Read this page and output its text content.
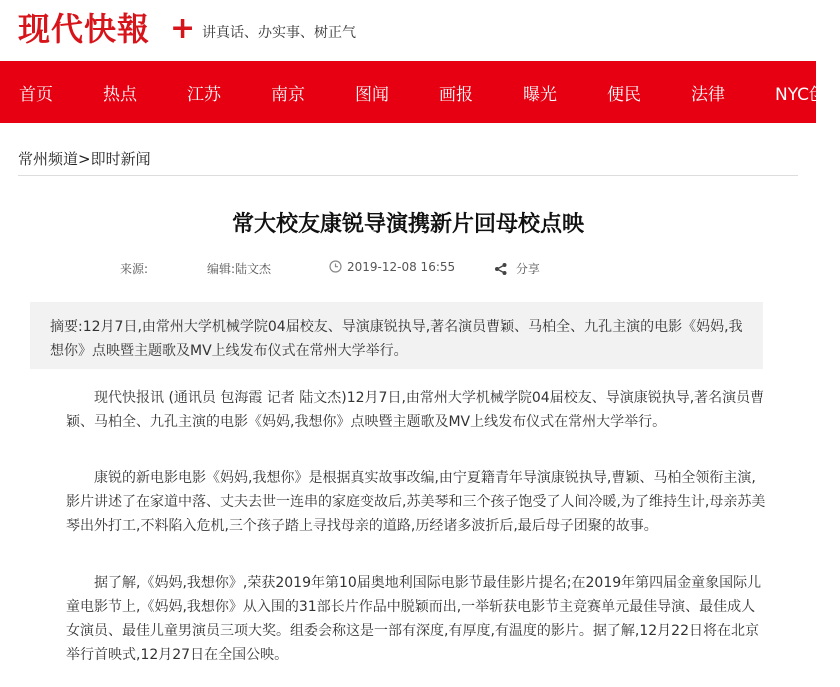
现代快報 + 讲真话、办实事、树正气
首页	热点	江苏	南京	图闻	画报	曝光	便民	法律	NYC创
常州频道>即时新闻
常大校友康锐导演携新片回母校点映
来源:	编辑:陆文杰	2019-12-08 16:55	分享
摘要:12月7日,由常州大学机械学院04届校友、导演康锐执导,著名演员曹颖、马柏全、九孔主演的电影《妈妈,我想你》点映暨主题歌及MV上线发布仪式在常州大学举行。

现代快报讯 (通讯员 包海霞 记者 陆文杰)12月7日,由常州大学机械学院04届校友、导演康锐执导,著名演员曹颖、马柏全、九孔主演的电影《妈妈,我想你》点映暨主题歌及MV上线发布仪式在常州大学举行。

康锐的新电影电影《妈妈,我想你》是根据真实故事改编,由宁夏籍青年导演康锐执导,曹颖、马柏全领衔主演,影片讲述了在家道中落、丈夫去世一连串的家庭变故后,苏美琴和三个孩子饱受了人间冷暖,为了维持生计,母亲苏美琴出外打工,不料陷入危机,三个孩子踏上寻找母亲的道路,历经诸多波折后,最后母子团聚的故事。

据了解,《妈妈,我想你》,荣获2019年第10届奥地利国际电影节最佳影片提名;在2019年第四届金童象国际儿童电影节上,《妈妈,我想你》从入围的31部长片作品中脱颖而出,一举斩获电影节主竞赛单元最佳导演、最佳成人女演员、最佳儿童男演员三项大奖。组委会称这是一部有深度,有厚度,有温度的影片。据了解,12月22日将在北京举行首映式,12月27日在全国公映。
